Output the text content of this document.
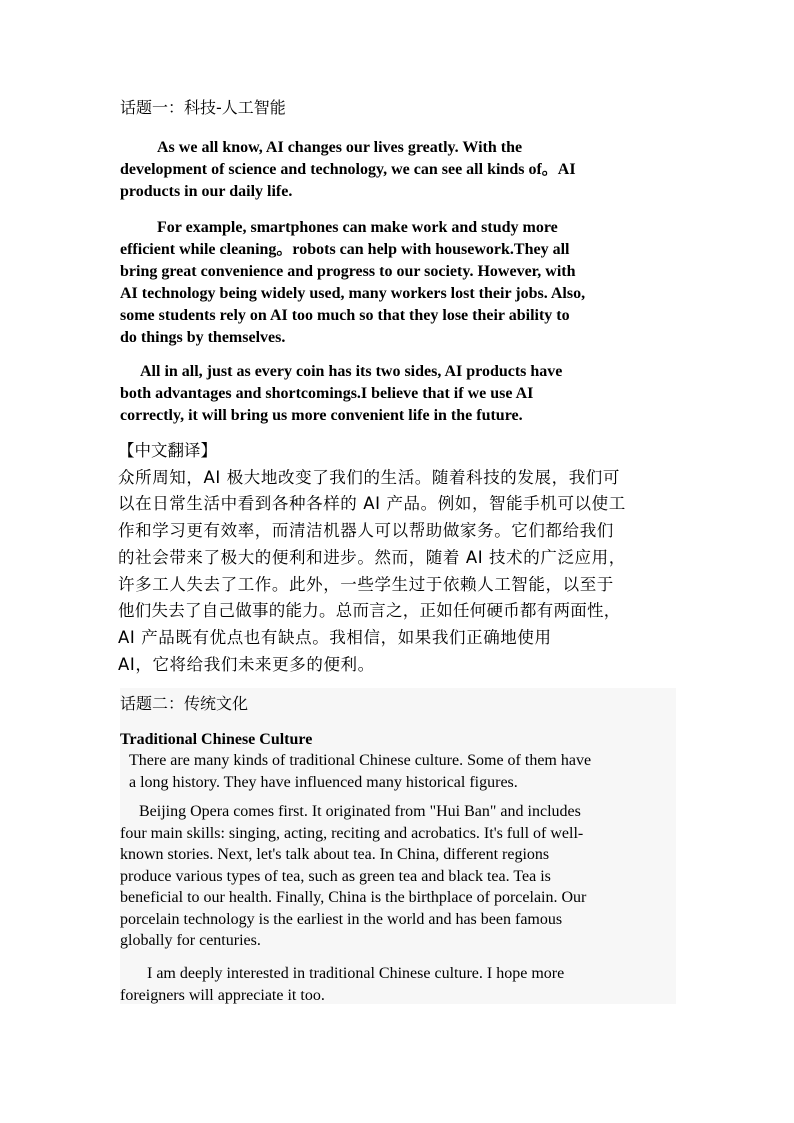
话题一：科技-人工智能
As we all know, AI changes our lives greatly. With the
development of science and technology, we can see all kinds of。AI
products in our daily life.
For example, smartphones can make work and study more
efficient while cleaning。robots can help with housework.They all
bring great convenience and progress to our society. However, with
AI technology being widely used, many workers lost their jobs. Also,
some students rely on AI too much so that they lose their ability to
do things by themselves.
All in all, just as every coin has its two sides, AI products have
both advantages and shortcomings.I believe that if we use AI
correctly, it will bring us more convenient life in the future.
【中文翻译】
众所周知，AI 极大地改变了我们的生活。随着科技的发展，我们可
以在日常生活中看到各种各样的 AI 产品。例如，智能手机可以使工
作和学习更有效率，而清洁机器人可以帮助做家务。它们都给我们
的社会带来了极大的便利和进步。然而，随着 AI 技术的广泛应用，
许多工人失去了工作。此外，一些学生过于依赖人工智能，以至于
他们失去了自己做事的能力。总而言之，正如任何硬币都有两面性，
AI 产品既有优点也有缺点。我相信，如果我们正确地使用
AI，它将给我们未来更多的便利。
话题二：传统文化
Traditional Chinese Culture
There are many kinds of traditional Chinese culture. Some of them have
a long history. They have influenced many historical figures.
Beijing Opera comes first. It originated from "Hui Ban" and includes
four main skills: singing, acting, reciting and acrobatics. It's full of well-
known stories. Next, let's talk about tea. In China, different regions
produce various types of tea, such as green tea and black tea. Tea is
beneficial to our health. Finally, China is the birthplace of porcelain. Our
porcelain technology is the earliest in the world and has been famous
globally for centuries.
I am deeply interested in traditional Chinese culture. I hope more
foreigners will appreciate it too.
